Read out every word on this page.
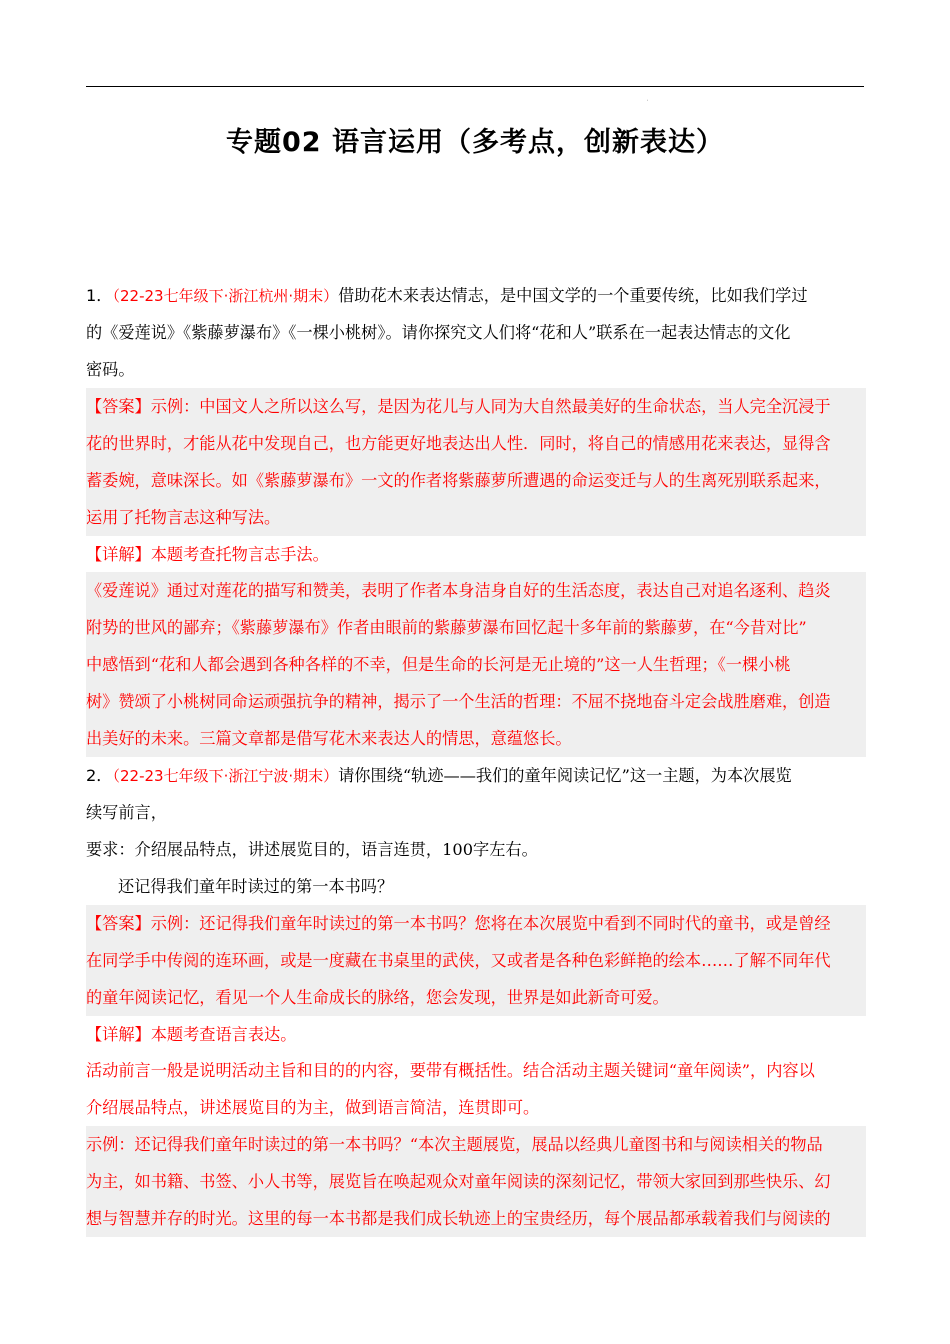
˙
专题02 语言运用（多考点，创新表达）
1．（22-23七年级下·浙江杭州·期末）借助花木来表达情志，是中国文学的一个重要传统，比如我们学过
的《爱莲说》《紫藤萝瀑布》《一棵小桃树》。请你探究文人们将“花和人”联系在一起表达情志的文化
密码。
【答案】示例：中国文人之所以这么写，是因为花儿与人同为大自然最美好的生命状态，当人完全沉浸于
花的世界时，才能从花中发现自己，也方能更好地表达出人性．同时，将自己的情感用花来表达，显得含
蓄委婉，意味深长。如《紫藤萝瀑布》一文的作者将紫藤萝所遭遇的命运变迁与人的生离死别联系起来，
运用了托物言志这种写法。
【详解】本题考查托物言志手法。
《爱莲说》通过对莲花的描写和赞美，表明了作者本身洁身自好的生活态度，表达自己对追名逐利、趋炎
附势的世风的鄙弃；《紫藤萝瀑布》作者由眼前的紫藤萝瀑布回忆起十多年前的紫藤萝，在“今昔对比”
中感悟到“花和人都会遇到各种各样的不幸，但是生命的长河是无止境的”这一人生哲理；《一棵小桃
树》赞颂了小桃树同命运顽强抗争的精神，揭示了一个生活的哲理：不屈不挠地奋斗定会战胜磨难，创造
出美好的未来。三篇文章都是借写花木来表达人的情思，意蕴悠长。
2．（22-23七年级下·浙江宁波·期末）请你围绕“轨迹——我们的童年阅读记忆”这一主题，为本次展览
续写前言，
要求：介绍展品特点，讲述展览目的，语言连贯，100字左右。
还记得我们童年时读过的第一本书吗？
【答案】示例：还记得我们童年时读过的第一本书吗？您将在本次展览中看到不同时代的童书，或是曾经
在同学手中传阅的连环画，或是一度藏在书桌里的武侠，又或者是各种色彩鲜艳的绘本……了解不同年代
的童年阅读记忆，看见一个人生命成长的脉络，您会发现，世界是如此新奇可爱。
【详解】本题考查语言表达。
活动前言一般是说明活动主旨和目的的内容，要带有概括性。结合活动主题关键词“童年阅读”，内容以
介绍展品特点，讲述展览目的为主，做到语言简洁，连贯即可。
示例：还记得我们童年时读过的第一本书吗？“本次主题展览，展品以经典儿童图书和与阅读相关的物品
为主，如书籍、书签、小人书等，展览旨在唤起观众对童年阅读的深刻记忆，带领大家回到那些快乐、幻
想与智慧并存的时光。这里的每一本书都是我们成长轨迹上的宝贵经历，每个展品都承载着我们与阅读的
